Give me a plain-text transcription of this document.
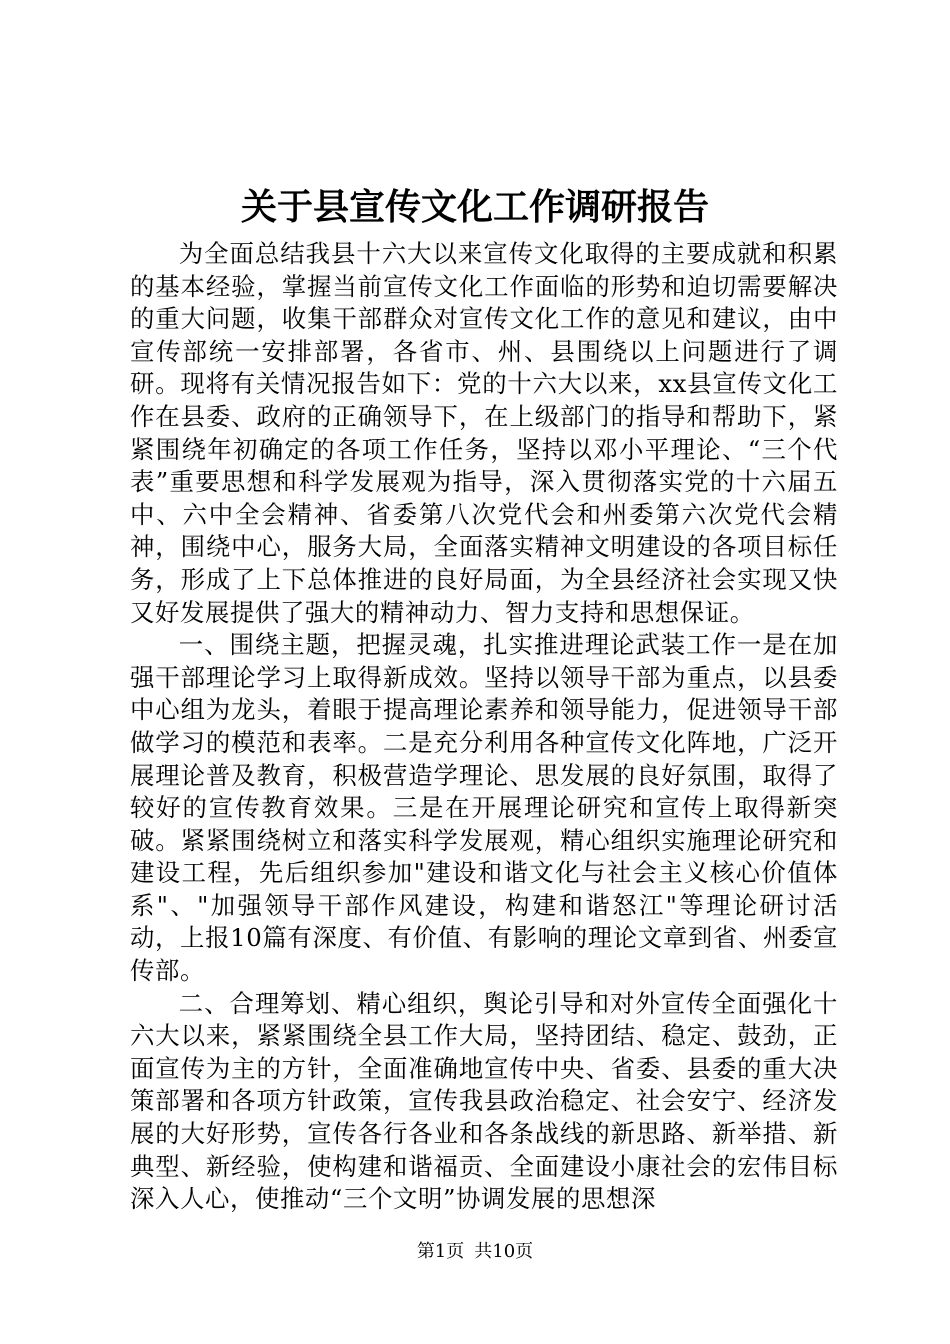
关于县宣传文化工作调研报告

为全面总结我县十六大以来宣传文化取得的主要成就和积累的基本经验，掌握当前宣传文化工作面临的形势和迫切需要解决的重大问题，收集干部群众对宣传文化工作的意见和建议，由中宣传部统一安排部署，各省市、州、县围绕以上问题进行了调研。现将有关情况报告如下：党的十六大以来，xx县宣传文化工作在县委、政府的正确领导下，在上级部门的指导和帮助下，紧紧围绕年初确定的各项工作任务，坚持以邓小平理论、“三个代表”重要思想和科学发展观为指导，深入贯彻落实党的十六届五中、六中全会精神、省委第八次党代会和州委第六次党代会精神，围绕中心，服务大局，全面落实精神文明建设的各项目标任务，形成了上下总体推进的良好局面，为全县经济社会实现又快又好发展提供了强大的精神动力、智力支持和思想保证。

一、围绕主题，把握灵魂，扎实推进理论武装工作一是在加强干部理论学习上取得新成效。坚持以领导干部为重点，以县委中心组为龙头，着眼于提高理论素养和领导能力，促进领导干部做学习的模范和表率。二是充分利用各种宣传文化阵地，广泛开展理论普及教育，积极营造学理论、思发展的良好氛围，取得了较好的宣传教育效果。三是在开展理论研究和宣传上取得新突破。紧紧围绕树立和落实科学发展观，精心组织实施理论研究和建设工程，先后组织参加"建设和谐文化与社会主义核心价值体系"、"加强领导干部作风建设，构建和谐怒江"等理论研讨活动，上报10篇有深度、有价值、有影响的理论文章到省、州委宣传部。

二、合理筹划、精心组织，舆论引导和对外宣传全面强化十六大以来，紧紧围绕全县工作大局，坚持团结、稳定、鼓劲，正面宣传为主的方针，全面准确地宣传中央、省委、县委的重大决策部署和各项方针政策，宣传我县政治稳定、社会安宁、经济发展的大好形势，宣传各行各业和各条战线的新思路、新举措、新典型、新经验，使构建和谐福贡、全面建设小康社会的宏伟目标深入人心，使推动“三个文明”协调发展的思想深

第1页 共10页
